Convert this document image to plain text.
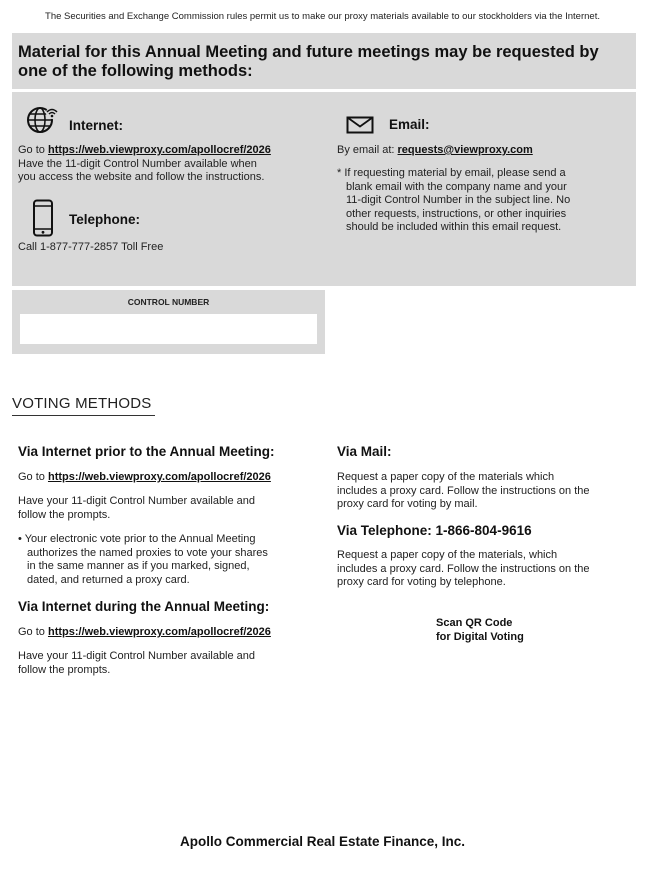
The Securities and Exchange Commission rules permit us to make our proxy materials available to our stockholders via the Internet.
Material for this Annual Meeting and future meetings may be requested by one of the following methods:
Internet:
Go to https://web.viewproxy.com/apollocref/2026
Have the 11-digit Control Number available when
you access the website and follow the instructions.
Telephone:
Call 1-877-777-2857 Toll Free
Email:
By email at: requests@viewproxy.com
* If requesting material by email, please send a
blank email with the company name and your
11-digit Control Number in the subject line. No
other requests, instructions, or other inquiries
should be included within this email request.
CONTROL NUMBER
VOTING METHODS
Via Internet prior to the Annual Meeting:
Go to https://web.viewproxy.com/apollocref/2026
Have your 11-digit Control Number available and
follow the prompts.
• Your electronic vote prior to the Annual Meeting
authorizes the named proxies to vote your shares
in the same manner as if you marked, signed,
dated, and returned a proxy card.
Via Internet during the Annual Meeting:
Go to https://web.viewproxy.com/apollocref/2026
Have your 11-digit Control Number available and
follow the prompts.
Via Mail:
Request a paper copy of the materials which
includes a proxy card. Follow the instructions on the
proxy card for voting by mail.
Via Telephone: 1-866-804-9616
Request a paper copy of the materials, which
includes a proxy card. Follow the instructions on the
proxy card for voting by telephone.
Scan QR Code
for Digital Voting
Apollo Commercial Real Estate Finance, Inc.
